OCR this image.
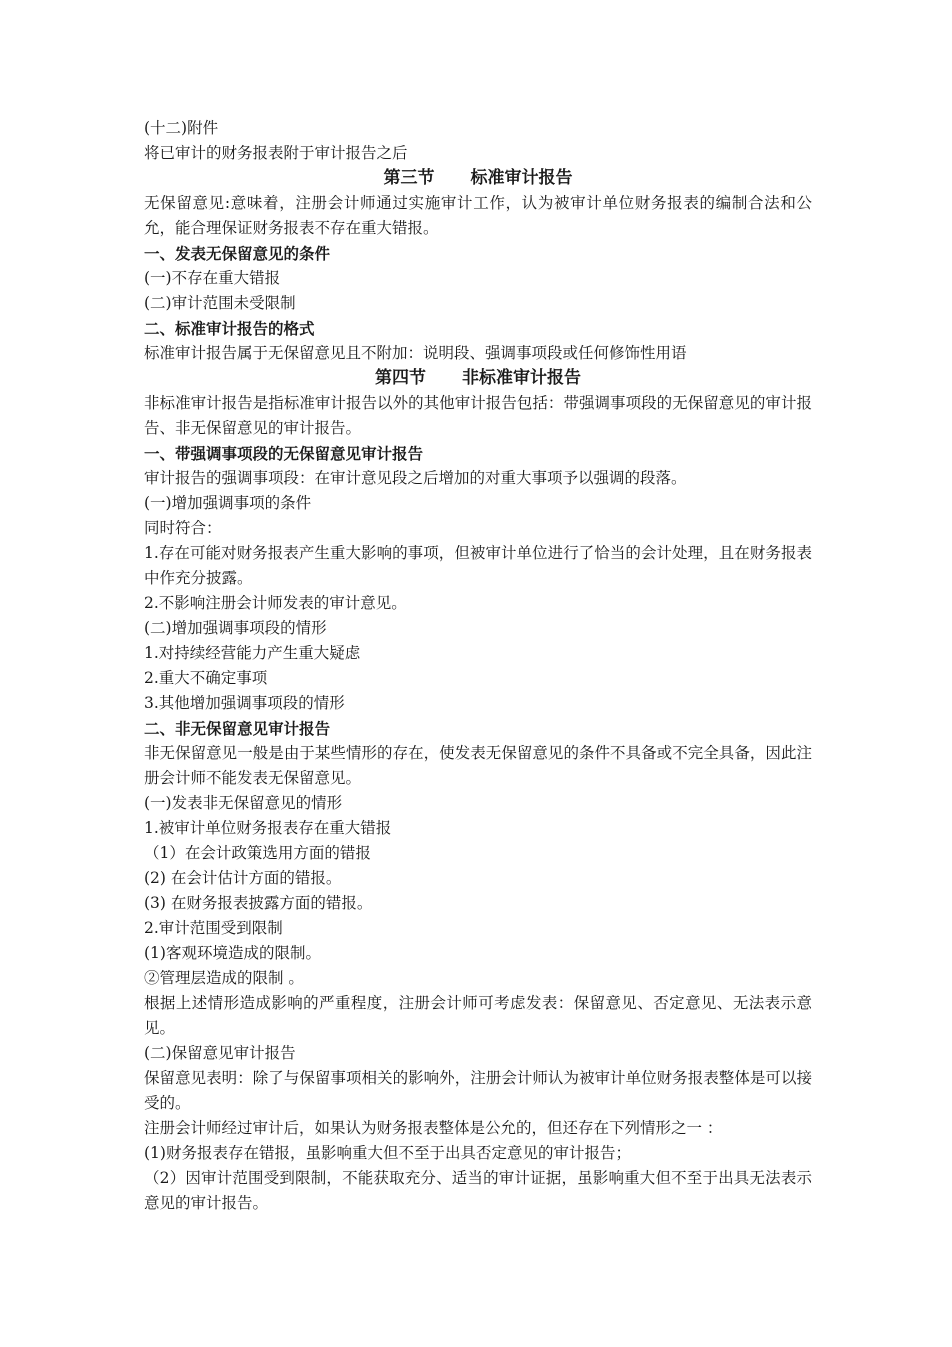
(十二)附件
将已审计的财务报表附于审计报告之后
第三节 标准审计报告
无保留意见:意味着，注册会计师通过实施审计工作，认为被审计单位财务报表的编制合法和公允，能合理保证财务报表不存在重大错报。
一、发表无保留意见的条件
(一)不存在重大错报
(二)审计范围未受限制
二、标准审计报告的格式
标准审计报告属于无保留意见且不附加：说明段、强调事项段或任何修饰性用语
第四节 非标准审计报告
非标准审计报告是指标准审计报告以外的其他审计报告包括：带强调事项段的无保留意见的审计报告、非无保留意见的审计报告。
一、带强调事项段的无保留意见审计报告
审计报告的强调事项段：在审计意见段之后增加的对重大事项予以强调的段落。
(一)增加强调事项的条件
同时符合：
1.存在可能对财务报表产生重大影响的事项，但被审计单位进行了恰当的会计处理，且在财务报表中作充分披露。
2.不影响注册会计师发表的审计意见。
(二)增加强调事项段的情形
1.对持续经营能力产生重大疑虑
2.重大不确定事项
3.其他增加强调事项段的情形
二、非无保留意见审计报告
非无保留意见一般是由于某些情形的存在，使发表无保留意见的条件不具备或不完全具备，因此注册会计师不能发表无保留意见。
(一)发表非无保留意见的情形
1.被审计单位财务报表存在重大错报
（1）在会计政策选用方面的错报
(2) 在会计估计方面的错报。
(3) 在财务报表披露方面的错报。
2.审计范围受到限制
(1)客观环境造成的限制。
②管理层造成的限制 。
根据上述情形造成影响的严重程度，注册会计师可考虑发表：保留意见、否定意见、无法表示意见。
(二)保留意见审计报告
保留意见表明：除了与保留事项相关的影响外，注册会计师认为被审计单位财务报表整体是可以接受的。
注册会计师经过审计后，如果认为财务报表整体是公允的，但还存在下列情形之一 ：
(1)财务报表存在错报，虽影响重大但不至于出具否定意见的审计报告；
（2）因审计范围受到限制，不能获取充分、适当的审计证据，虽影响重大但不至于出具无法表示意见的审计报告。
